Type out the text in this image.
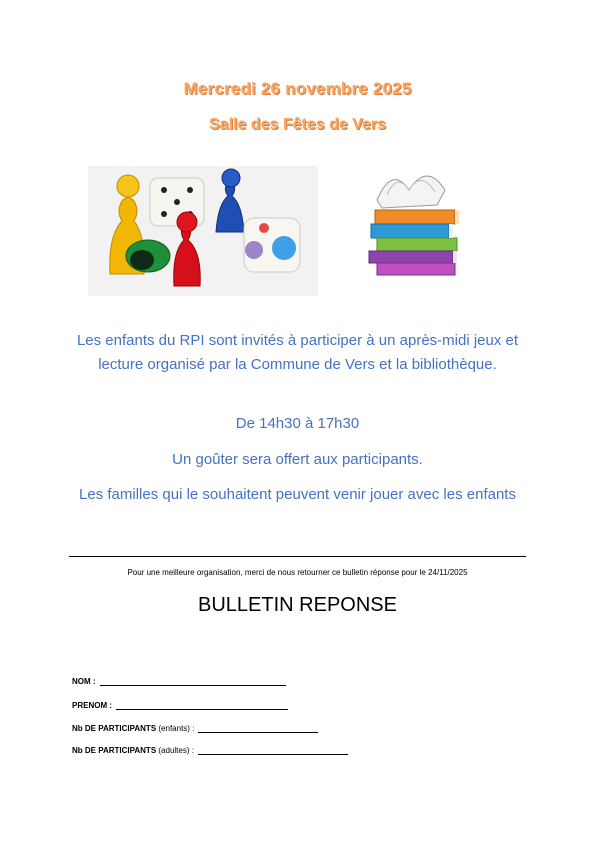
Mercredi 26 novembre 2025
Salle des Fêtes de Vers
Les enfants du RPI sont invités à participer à un après-midi jeux et lecture organisé par la Commune de Vers et la bibliothèque.
De 14h30 à 17h30
Un goûter sera offert aux participants.
Les familles qui le souhaitent peuvent venir jouer avec les enfants
Pour une meilleure organisation, merci de nous retourner ce bulletin réponse pour le 24/11/2025
BULLETIN REPONSE
NOM :
PRENOM :
Nb DE PARTICIPANTS (enfants) :
Nb DE PARTICIPANTS (adultes) :
